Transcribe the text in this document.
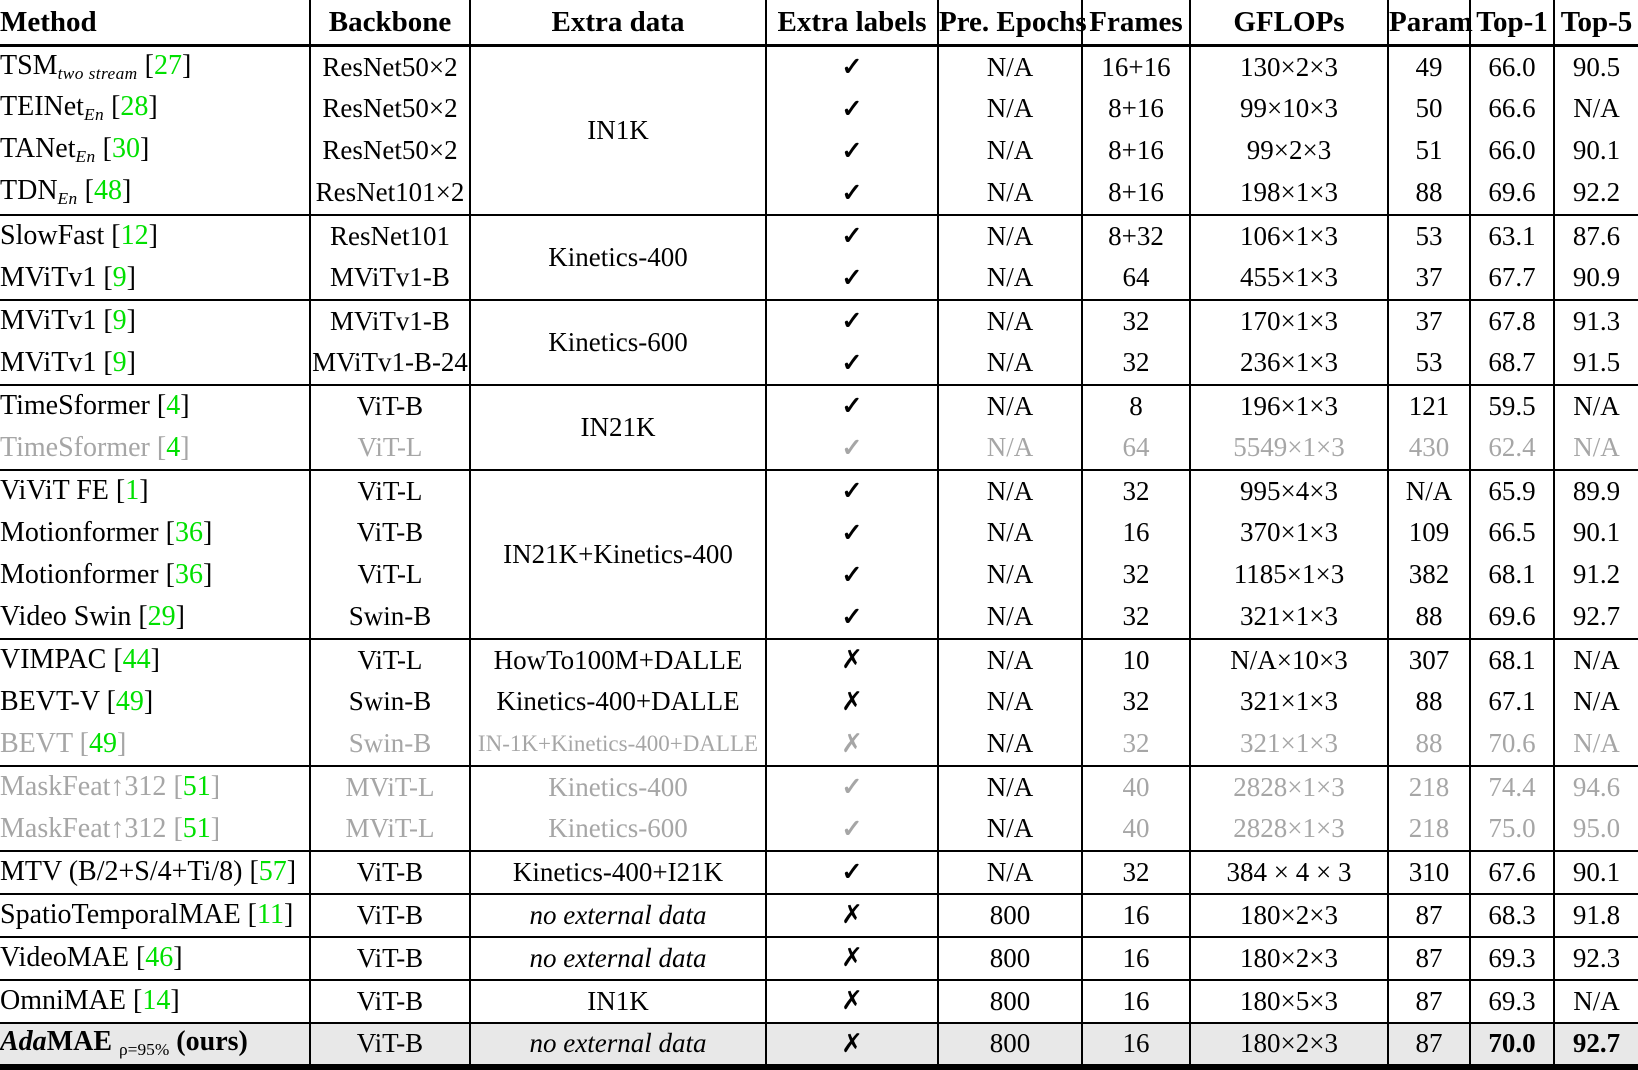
Method	Backbone	Extra data	Extra labels	Pre. Epochs	Frames	GFLOPs	Param	Top-1	Top-5

$TSM_{two stream}$ [27]	ResNet50×2	IN1K	✓	N/A	16+16	130×2×3	49	66.0	90.5
TEINet$_{En}$ [28]	ResNet50×2		✓	N/A	8+16	99×10×3	50	66.6	N/A
TANet$_{En}$ [30]	ResNet50×2		✓	N/A	8+16	99×2×3	51	66.0	90.1
$TDN_{En}$ [48]	ResNet101×2		✓	N/A	8+16	198×1×3	88	69.6	92.2

SlowFast [12]	ResNet101	Kinetics-400	✓	N/A	8+32	106×1×3	53	63.1	87.6
MViTv1 [9]	MViTv1-B		✓	N/A	64	455×1×3	37	67.7	90.9

MViTv1 [9]	MViTv1-B	Kinetics-600	✓	N/A	32	170×1×3	37	67.8	91.3
MViTv1 [9]	MViTv1-B-24		✓	N/A	32	236×1×3	53	68.7	91.5

TimeSformer [4]	ViT-B	IN21K	✓	N/A	8	196×1×3	121	59.5	N/A
TimeSformer [4]	ViT-L		✓	N/A	64	5549×1×3	430	62.4	N/A

ViViT FE [1]	ViT-L	IN21K+Kinetics-400	✓	N/A	32	995×4×3	N/A	65.9	89.9
Motionformer [36]	ViT-B		✓	N/A	16	370×1×3	109	66.5	90.1
Motionformer [36]	ViT-L		✓	N/A	32	1185×1×3	382	68.1	91.2
Video Swin [29]	Swin-B		✓	N/A	32	321×1×3	88	69.6	92.7

VIMPAC [44]	ViT-L	HowTo100M+DALLE	✗	N/A	10	N/A×10×3	307	68.1	N/A
BEVT-V [49]	Swin-B	Kinetics-400+DALLE	✗	N/A	32	321×1×3	88	67.1	N/A
BEVT [49]	Swin-B	IN-1K+Kinetics-400+DALLE	✗	N/A	32	321×1×3	88	70.6	N/A

MaskFeat↑312 [51]	MViT-L	Kinetics-400	✓	N/A	40	2828×1×3	218	74.4	94.6
MaskFeat↑312 [51]	MViT-L	Kinetics-600	✓	N/A	40	2828×1×3	218	75.0	95.0

MTV (B/2+S/4+Ti/8) [57]	ViT-B	Kinetics-400+I21K	✓	N/A	32	384 × 4 × 3	310	67.6	90.1

SpatioTemporalMAE [11]	ViT-B	no external data	✗	800	16	180×2×3	87	68.3	91.8

VideoMAE [46]	ViT-B	no external data	✗	800	16	180×2×3	87	69.3	92.3

OmniMAE [14]	ViT-B	IN1K	✗	800	16	180×5×3	87	69.3	N/A

AdaMAE ρ=95% (ours)	ViT-B	no external data	✗	800	16	180×2×3	87	70.0	92.7
